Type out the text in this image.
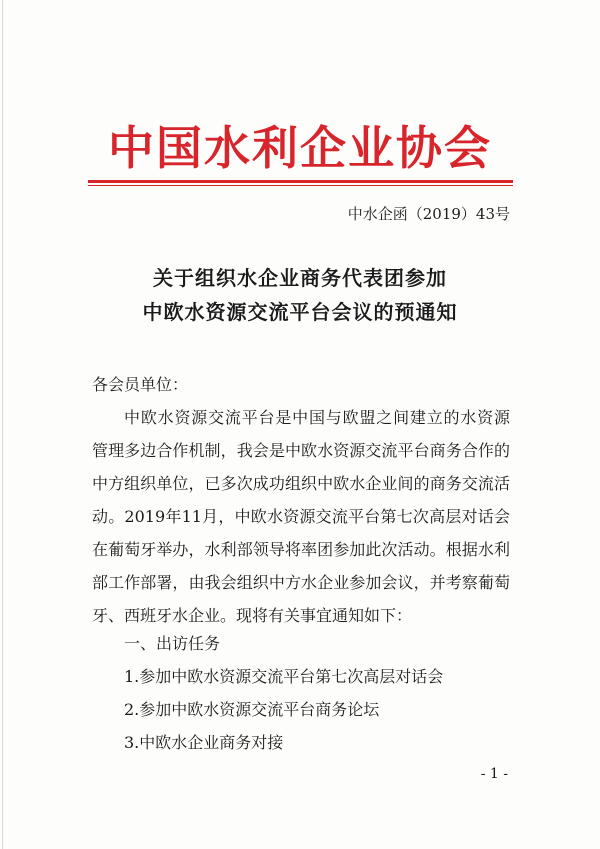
中国水利企业协会
中水企函（2019）43号
关于组织水企业商务代表团参加
中欧水资源交流平台会议的预通知
各会员单位：
中欧水资源交流平台是中国与欧盟之间建立的水资源
管理多边合作机制，我会是中欧水资源交流平台商务合作的
中方组织单位，已多次成功组织中欧水企业间的商务交流活
动。2019年11月，中欧水资源交流平台第七次高层对话会
在葡萄牙举办，水利部领导将率团参加此次活动。根据水利
部工作部署，由我会组织中方水企业参加会议，并考察葡萄
牙、西班牙水企业。现将有关事宜通知如下：
一、出访任务
1.参加中欧水资源交流平台第七次高层对话会
2.参加中欧水资源交流平台商务论坛
3.中欧水企业商务对接
- 1 -
